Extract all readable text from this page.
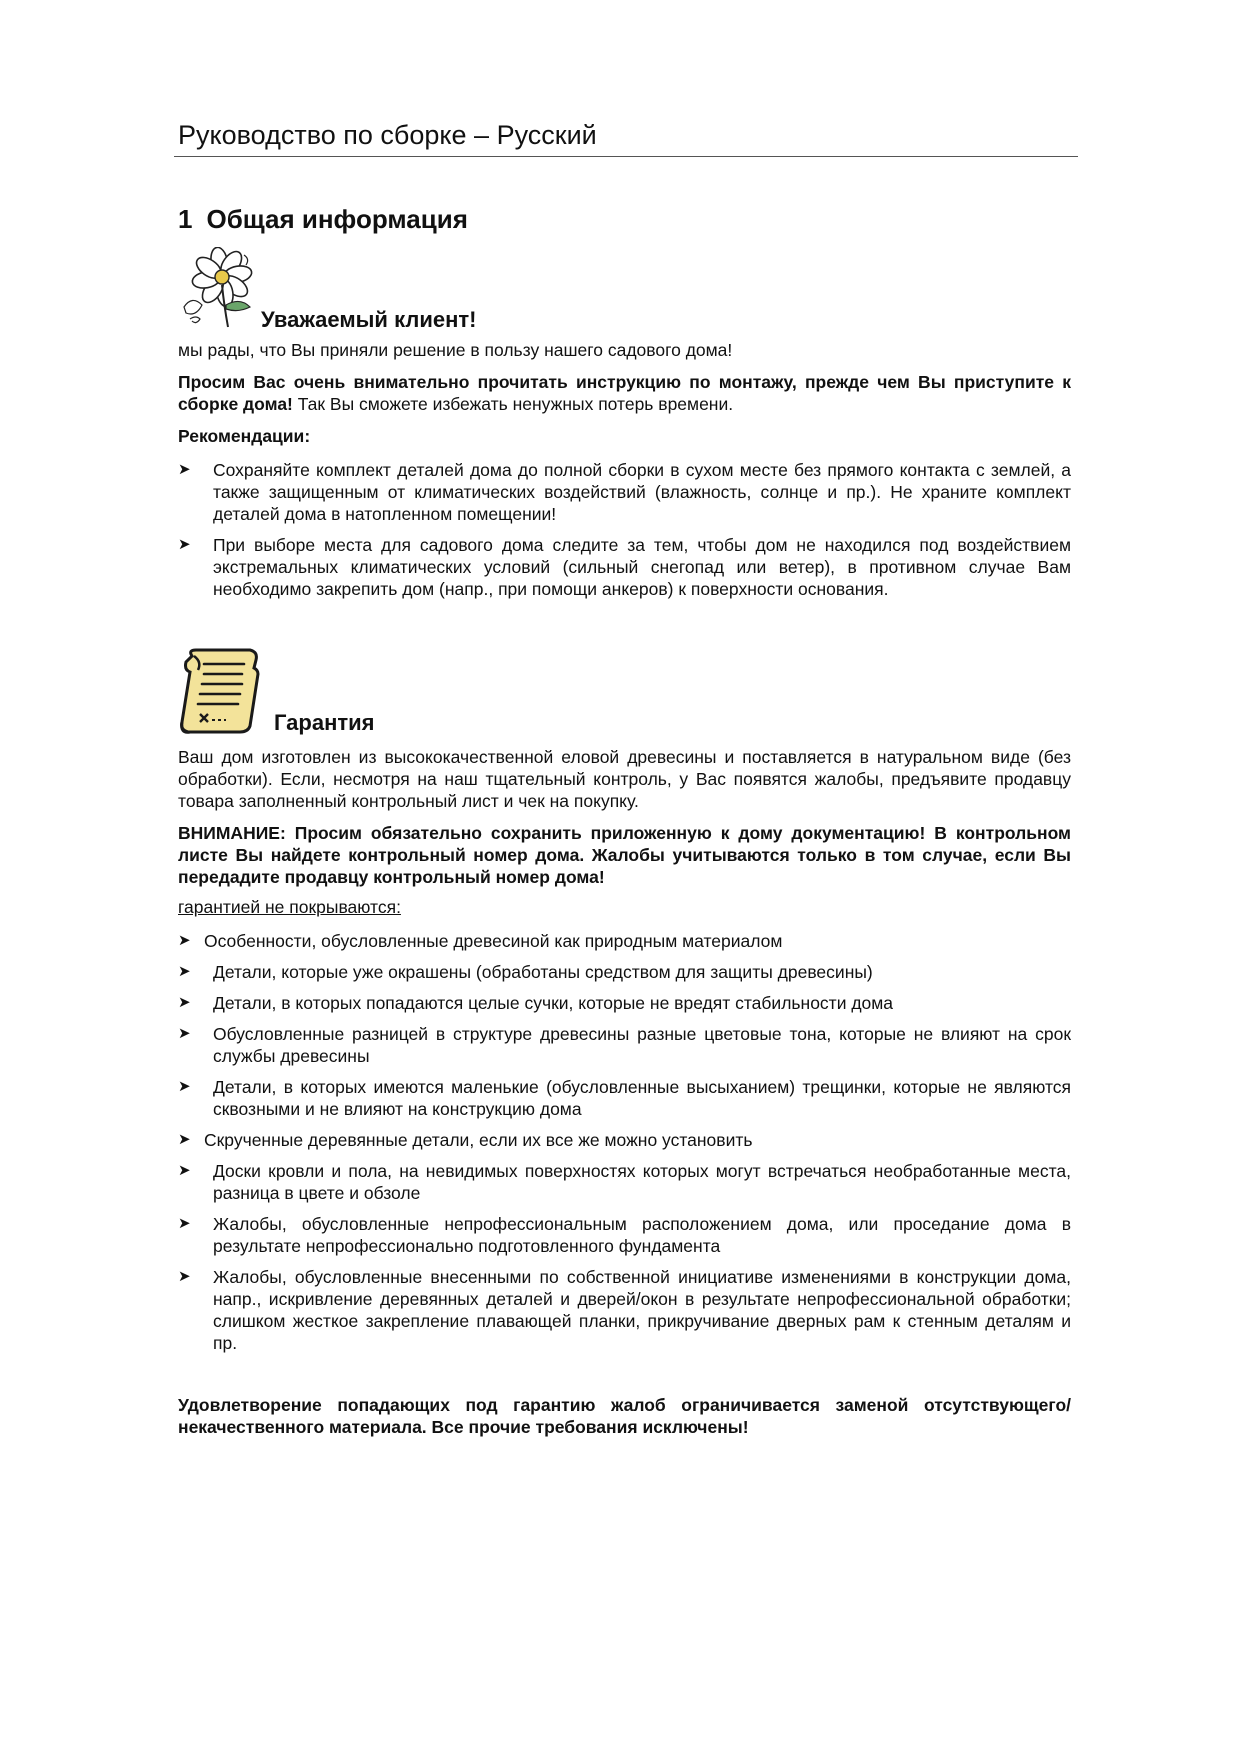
Руководство по сборке – Русский
1 Общая информация
Уважаемый клиент!

мы рады, что Вы приняли решение в пользу нашего садового дома!

Просим Вас очень внимательно прочитать инструкцию по монтажу, прежде чем Вы приступите к сборке дома! Так Вы сможете избежать ненужных потерь времени.

Рекомендации:

➤ Сохраняйте комплект деталей дома до полной сборки в сухом месте без прямого контакта с землей, а также защищенным от климатических воздействий (влажность, солнце и пр.). Не храните комплект деталей дома в натопленном помещении!
➤ При выборе места для садового дома следите за тем, чтобы дом не находился под воздействием экстремальных климатических условий (сильный снегопад или ветер), в противном случае Вам необходимо закрепить дом (напр., при помощи анкеров) к поверхности основания.
Гарантия

Ваш дом изготовлен из высококачественной еловой древесины и поставляется в натуральном виде (без обработки). Если, несмотря на наш тщательный контроль, у Вас появятся жалобы, предъявите продавцу товара заполненный контрольный лист и чек на покупку.

ВНИМАНИЕ: Просим обязательно сохранить приложенную к дому документацию! В контрольном листе Вы найдете контрольный номер дома. Жалобы учитываются только в том случае, если Вы передадите продавцу контрольный номер дома!

гарантией не покрываются:

➤ Особенности, обусловленные древесиной как природным материалом
➤ Детали, которые уже окрашены (обработаны средством для защиты древесины)
➤ Детали, в которых попадаются целые сучки, которые не вредят стабильности дома
➤ Обусловленные разницей в структуре древесины разные цветовые тона, которые не влияют на срок службы древесины
➤ Детали, в которых имеются маленькие (обусловленные высыханием) трещинки, которые не являются сквозными и не влияют на конструкцию дома
➤ Скрученные деревянные детали, если их все же можно установить
➤ Доски кровли и пола, на невидимых поверхностях которых могут встречаться необработанные места, разница в цвете и обзоле
➤ Жалобы, обусловленные непрофессиональным расположением дома, или проседание дома в результате непрофессионально подготовленного фундамента
➤ Жалобы, обусловленные внесенными по собственной инициативе изменениями в конструкции дома, напр., искривление деревянных деталей и дверей/окон в результате непрофессиональной обработки; слишком жесткое закрепление плавающей планки, прикручивание дверных рам к стенным деталям и пр.

Удовлетворение попадающих под гарантию жалоб ограничивается заменой отсутствующего/некачественного материала. Все прочие требования исключены!
